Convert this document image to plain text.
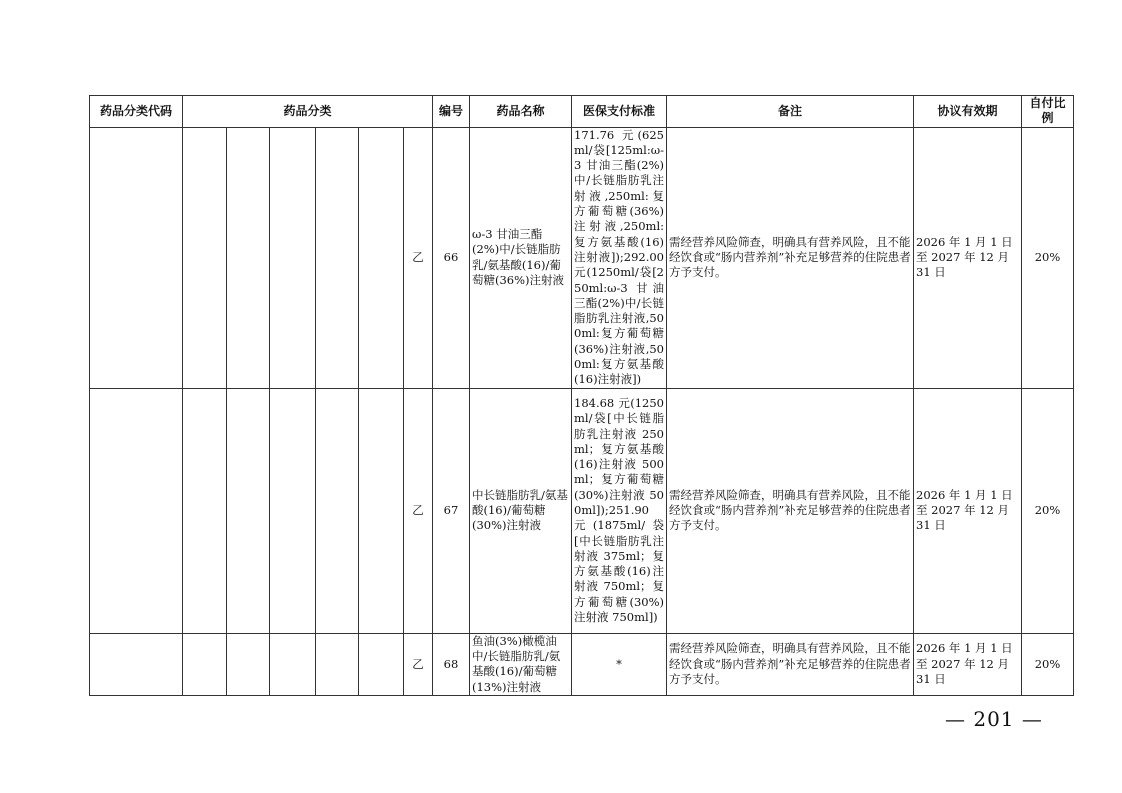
药品分类代码	药品分类						编号	药品名称	医保支付标准	备注	协议有效期	自付比例
						乙	66	ω-3 甘油三酯(2%)中/长链脂肪乳/氨基酸(16)/葡萄糖(36%)注射液	171.76 元(625ml/袋[125ml:ω-3 甘油三酯(2%)中/长链脂肪乳注射液,250ml:复方葡萄糖(36%)注射液,250ml:复方氨基酸(16)注射液]);292.00 元(1250ml/袋[250ml:ω-3 甘油三酯(2%)中/长链脂肪乳注射液,500ml:复方葡萄糖(36%)注射液,500ml:复方氨基酸(16)注射液])	需经营养风险筛查，明确具有营养风险，且不能经饮食或“肠内营养剂”补充足够营养的住院患者方予支付。	2026 年 1 月 1 日至 2027 年 12 月 31 日	20%
						乙	67	中长链脂肪乳/氨基酸(16)/葡萄糖(30%)注射液	184.68 元(1250ml/袋[中长链脂肪乳注射液 250ml；复方氨基酸(16)注射液 500ml；复方葡萄糖(30%)注射液 500ml]);251.90 元(1875ml/袋[中长链脂肪乳注射液 375ml；复方氨基酸(16)注射液 750ml；复方葡萄糖(30%)注射液 750ml])	需经营养风险筛查，明确具有营养风险，且不能经饮食或“肠内营养剂”补充足够营养的住院患者方予支付。	2026 年 1 月 1 日至 2027 年 12 月 31 日	20%
						乙	68	鱼油(3%)橄榄油中/长链脂肪乳/氨基酸(16)/葡萄糖(13%)注射液	*	需经营养风险筛查，明确具有营养风险，且不能经饮食或“肠内营养剂”补充足够营养的住院患者方予支付。	2026 年 1 月 1 日至 2027 年 12 月 31 日	20%
— 201 —
